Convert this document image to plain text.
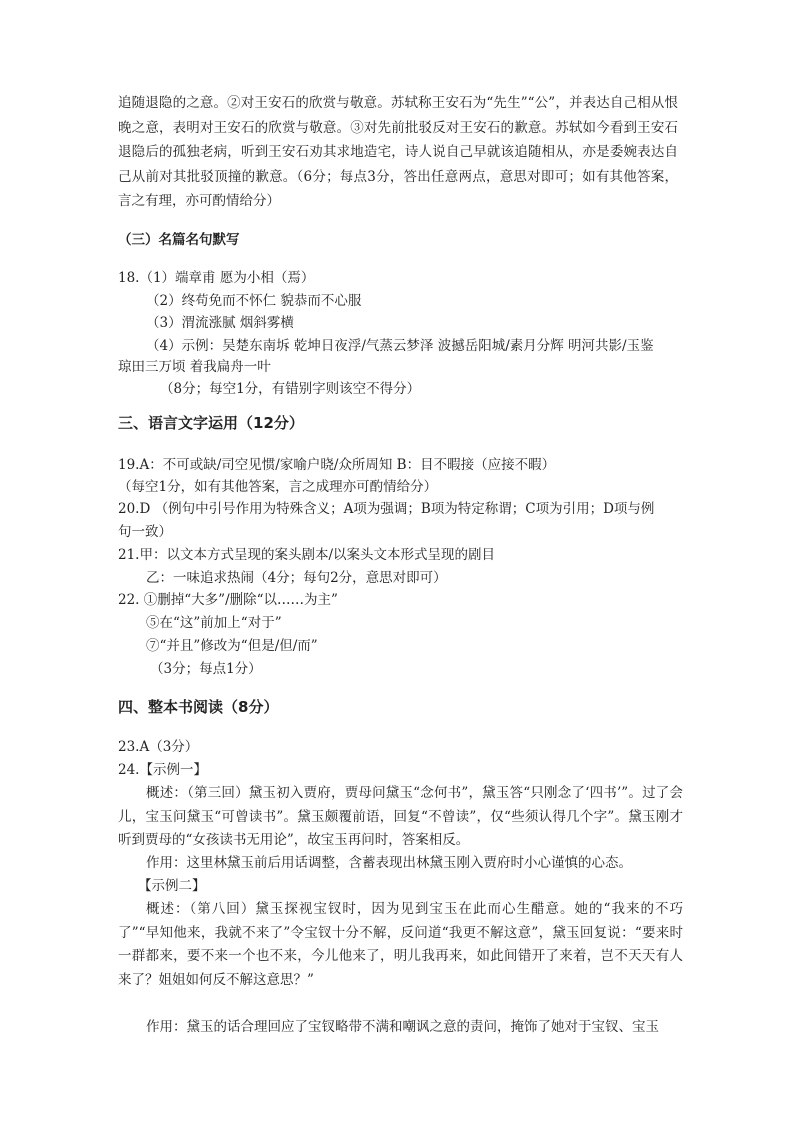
追随退隐的之意。②对王安石的欣赏与敬意。苏轼称王安石为“先生”“公”，并表达自己相从恨晚之意，表明对王安石的欣赏与敬意。③对先前批驳反对王安石的歉意。苏轼如今看到王安石退隐后的孤独老病，听到王安石劝其求地造宅，诗人说自己早就该追随相从，亦是委婉表达自己从前对其批驳顶撞的歉意。（6分；每点3分，答出任意两点，意思对即可；如有其他答案，言之有理，亦可酌情给分）
（三）名篇名句默写
18.（1）端章甫 愿为小相（焉）
（2）终苟免而不怀仁 貌恭而不心服
（3）渭流涨腻 烟斜雾横
（4）示例：吴楚东南坼 乾坤日夜浮/气蒸云梦泽 波撼岳阳城/素月分辉 明河共影/玉鉴
琼田三万顷 着我扁舟一叶
（8分；每空1分，有错别字则该空不得分）
三、语言文字运用（12分）
19.A：不可或缺/司空见惯/家喻户晓/众所周知 B：目不暇接（应接不暇）
（每空1分，如有其他答案，言之成理亦可酌情给分）
20.D （例句中引号作用为特殊含义；A项为强调；B项为特定称谓；C项为引用；D项与例
句一致）
21.甲：以文本方式呈现的案头剧本/以案头文本形式呈现的剧目
乙：一味追求热闹（4分；每句2分，意思对即可）
22. ①删掉“大多”/删除“以……为主”
⑤在“这”前加上“对于”
⑦“并且”修改为“但是/但/而”
（3分；每点1分）
四、整本书阅读（8分）
23.A（3分）
24.【示例一】
概述：（第三回）黛玉初入贾府，贾母问黛玉“念何书”，黛玉答“只刚念了‘四书’”。过了会儿，宝玉问黛玉“可曾读书”。黛玉颇覆前语，回复“不曾读”，仅“些须认得几个字”。黛玉刚才听到贾母的“女孩读书无用论”，故宝玉再问时，答案相反。
作用：这里林黛玉前后用话调整，含蓄表现出林黛玉刚入贾府时小心谨慎的心态。
【示例二】
概述：（第八回）黛玉探视宝钗时，因为见到宝玉在此而心生醋意。她的“我来的不巧了”“早知他来，我就不来了”令宝钗十分不解，反问道“我更不解这意”，黛玉回复说：“要来时一群都来，要不来一个也不来，今儿他来了，明儿我再来，如此间错开了来着，岂不天天有人来了？姐姐如何反不解这意思？”
作用：黛玉的话合理回应了宝钗略带不满和嘲讽之意的责问，掩饰了她对于宝钗、宝玉
